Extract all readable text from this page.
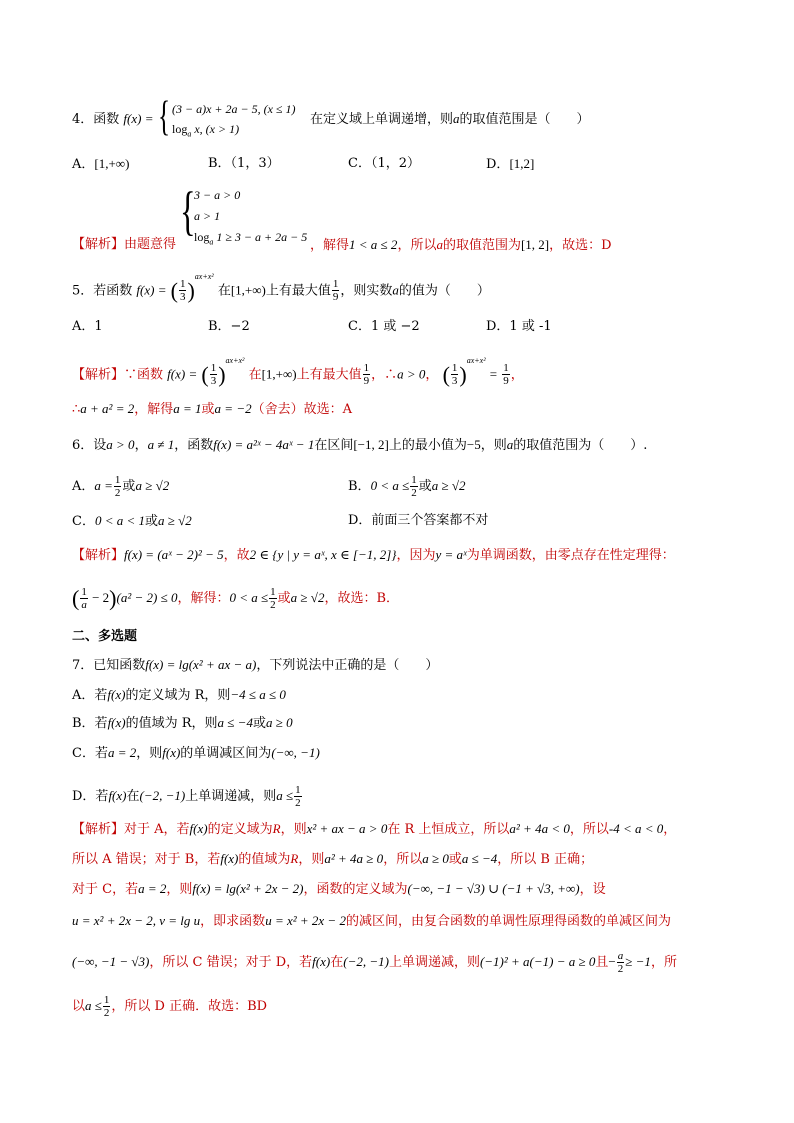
4．函数 f(x) = { (3 − a)x + 2a − 5, (x ≤ 1)
$\log_a x$, (x > 1)
在定义域上单调递增，则a的取值范围是（　　）
A．[1,+∞)	B．（1，3）	C．（1，2）	D．[1,2]
{
3 − a > 0
a > 1
$\log_a 1 \ge 3 - a + 2a - 5$
【解析】由题意得	，解得1 < a ≤ 2，所以a的取值范围为[1, 2]，故选：D
5．若函数 f(x) = ( $\frac{1}{3} )^{ax+x^2}$ 在[1,+∞)上有最大值 $\frac{1}{9}$ ，则实数a的值为（　　）
A．1	B．−2	C．1 或 −2	D．1 或 -1
【解析】∵函数 f(x) = ( $\frac{1}{3} )^{ax+x^2}$ 在[1,+∞)上有最大值 $\frac{1}{9}$ ，∴a > 0， ( $\frac{1}{3} )^{ax+x^2} = \frac{1}{9}$ ，
∴a + a² = 2，解得a = 1或a = −2（舍去）故选：A
6．设a > 0，a ≠ 1，函数f(x) = a²ˣ − 4aˣ − 1在区间[−1, 2]上的最小值为−5，则a的取值范围为（　　）.
A．$a = \frac{1}{2}$ 或a ≥ √2	B．$0 < a \le \frac{1}{2}$ 或a ≥ √2
C．0 < a < 1或a ≥ √2	D．前面三个答案都不对
【解析】f(x) = (aˣ − 2)² − 5，故2 ∈ {y | y = aˣ, x ∈ [−1, 2]}，因为y = aˣ为单调函数，由零点存在性定理得：
( $\frac{1}{a} - 2)(a^2 - 2) \le 0$，解得：$0 < a \le \frac{1}{2}$ 或a ≥ √2，故选：B．
二、多选题
7．已知函数f(x) = lg(x² + ax − a)，下列说法中正确的是（　　）
A．若f(x)的定义域为 R，则−4 ≤ a ≤ 0
B．若f(x)的值域为 R，则a ≤ −4或a ≥ 0
C．若a = 2，则f(x)的单调减区间为(−∞, −1)
D．若f(x)在(−2, −1)上单调递减，则$a \le \frac{1}{2}$
【解析】对于 A，若f(x)的定义域为R，则x² + ax − a > 0在 R 上恒成立，所以a² + 4a < 0，所以-4 < a < 0，
所以 A 错误；对于 B，若f(x)的值域为R，则a² + 4a ≥ 0，所以a ≥ 0或a ≤ −4，所以 B 正确；
对于 C，若a = 2，则f(x) = lg(x² + 2x − 2)，函数的定义域为(−∞, −1 − √3) ∪ (−1 + √3, +∞)，设
u = x² + 2x − 2, v = lg u，即求函数u = x² + 2x − 2的减区间，由复合函数的单调性原理得函数的单减区间为
(−∞, −1 − √3)，所以 C 错误；对于 D，若f(x)在(−2, −1)上单调递减，则(−1)² + a(−1) − a ≥ 0且− $\frac{a}{2} \ge -1$，所
以$a \le \frac{1}{2}$ ，所以 D 正确．故选：BD
